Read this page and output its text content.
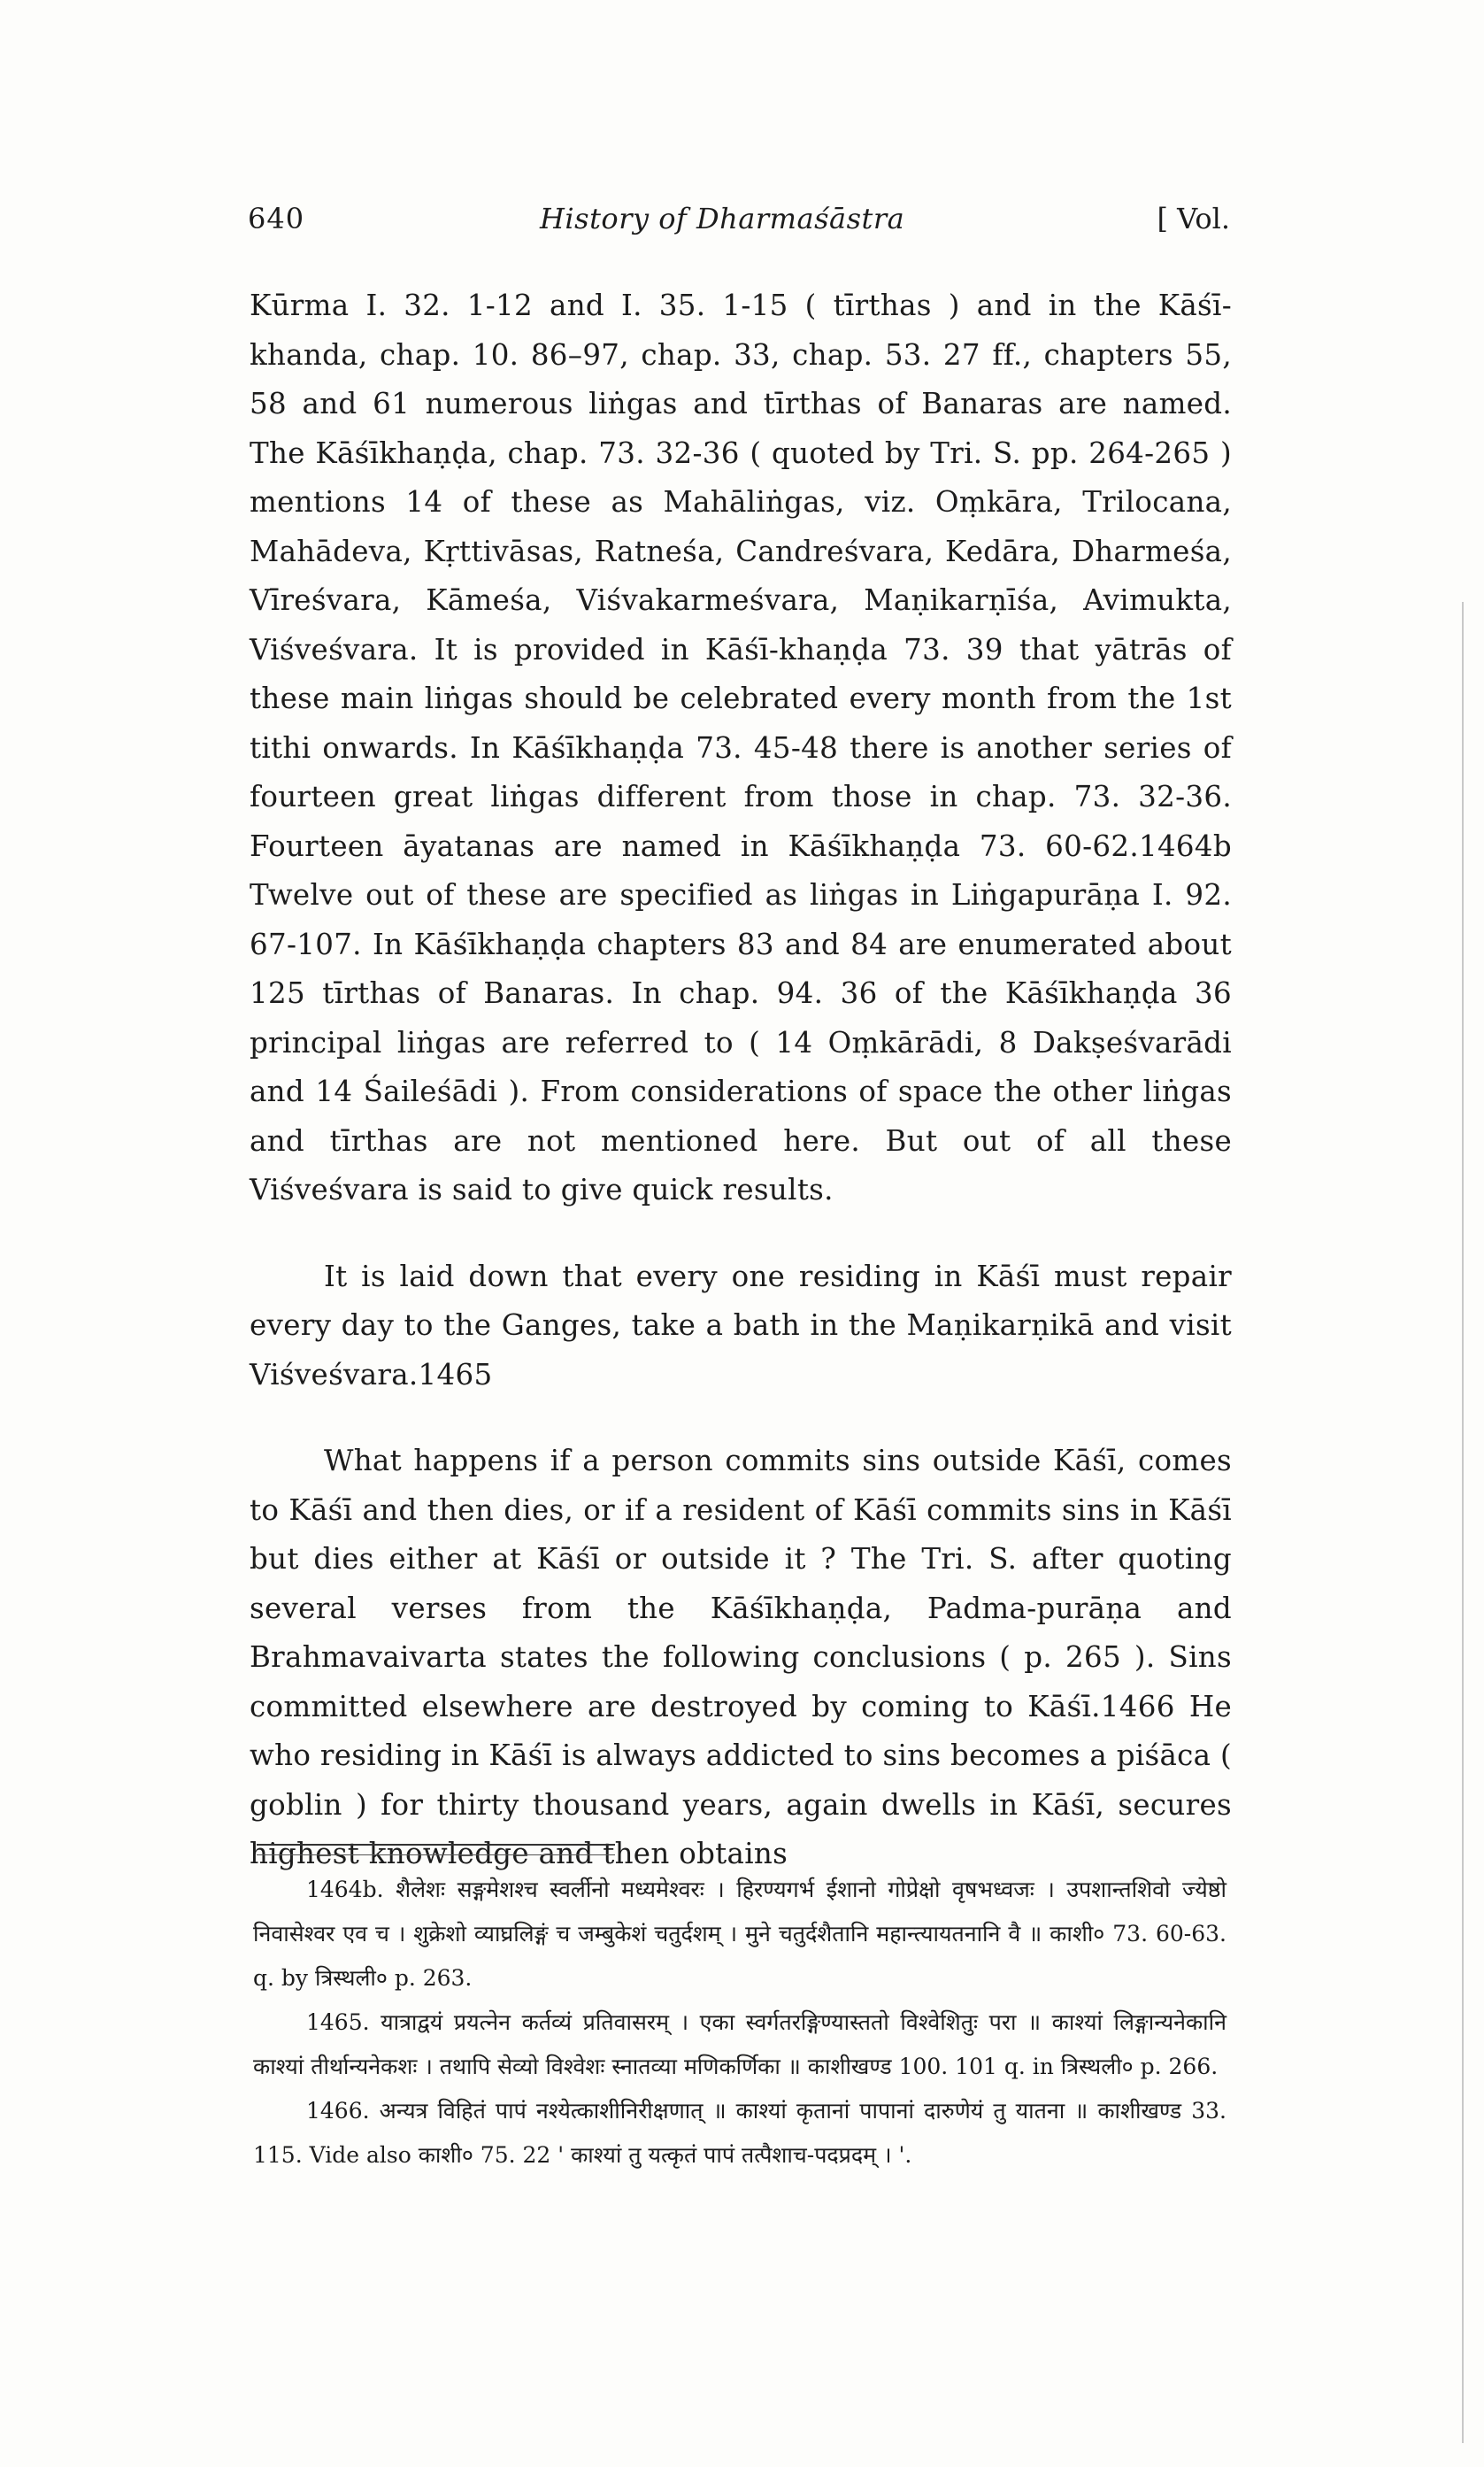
640	History of Dharmaśāstra	[ Vol.

Kūrma I. 32. 1-12 and I. 35. 1-15 ( tīrthas ) and in the Kāśī-khanda, chap. 10. 86–97, chap. 33, chap. 53. 27 ff., chapters 55, 58 and 61 numerous liṅgas and tīrthas of Banaras are named. The Kāśīkhaṇḍa, chap. 73. 32-36 ( quoted by Tri. S. pp. 264-265 ) mentions 14 of these as Mahāliṅgas, viz. Oṃkāra, Trilocana, Mahādeva, Kṛttivāsas, Ratneśa, Candreśvara, Kedāra, Dharmeśa, Vīreśvara, Kāmeśa, Viśvakarmeśvara, Maṇikarṇīśa, Avimukta, Viśveśvara. It is provided in Kāśī-khaṇḍa 73. 39 that yātrās of these main liṅgas should be celebrated every month from the 1st tithi onwards. In Kāśīkhaṇḍa 73. 45-48 there is another series of fourteen great liṅgas different from those in chap. 73. 32-36. Fourteen āyatanas are named in Kāśīkhaṇḍa 73. 60-62.1464b Twelve out of these are specified as liṅgas in Liṅgapurāṇa I. 92. 67-107. In Kāśīkhaṇḍa chapters 83 and 84 are enumerated about 125 tīrthas of Banaras. In chap. 94. 36 of the Kāśīkhaṇḍa 36 principal liṅgas are referred to ( 14 Oṃkārādi, 8 Dakṣeśvarādi and 14 Śaileśādi ). From considerations of space the other liṅgas and tīrthas are not mentioned here. But out of all these Viśveśvara is said to give quick results.

It is laid down that every one residing in Kāśī must repair every day to the Ganges, take a bath in the Maṇikarṇikā and visit Viśveśvara.1465

What happens if a person commits sins outside Kāśī, comes to Kāśī and then dies, or if a resident of Kāśī commits sins in Kāśī but dies either at Kāśī or outside it ? The Tri. S. after quoting several verses from the Kāśīkhaṇḍa, Padma-purāṇa and Brahmavaivarta states the following conclusions ( p. 265 ). Sins committed elsewhere are destroyed by coming to Kāśī.1466 He who residing in Kāśī is always addicted to sins becomes a piśāca ( goblin ) for thirty thousand years, again dwells in Kāśī, secures highest knowledge and then obtains

1464b. शैलेशः सङ्गमेशश्च स्वर्लीनो मध्यमेश्वरः । हिरण्यगर्भ ईशानो गोप्रेक्षो वृषभध्वजः । उपशान्तशिवो ज्येष्ठो निवासेश्वर एव च । शुक्रेशो व्याघ्रलिङ्गं च जम्बुकेशं चतुर्दशम् । मुने चतुर्दशैतानि महान्त्यायतनानि वै ॥ काशी० 73. 60-63. q. by त्रिस्थली० p. 263.

1465. यात्राद्वयं प्रयत्नेन कर्तव्यं प्रतिवासरम् । एका स्वर्गतरङ्गिण्यास्ततो विश्वेशितुः परा ॥ काश्यां लिङ्गान्यनेकानि काश्यां तीर्थान्यनेकशः । तथापि सेव्यो विश्वेशः स्नातव्या मणिकर्णिका ॥ काशीखण्ड 100. 101 q. in त्रिस्थली० p. 266.

1466. अन्यत्र विहितं पापं नश्येत्काशीनिरीक्षणात् ॥ काश्यां कृतानां पापानां दारुणेयं तु यातना ॥ काशीखण्ड 33. 115. Vide also काशी० 75. 22 ' काश्यां तु यत्कृतं पापं तत्पैशाच-पदप्रदम् । '.
